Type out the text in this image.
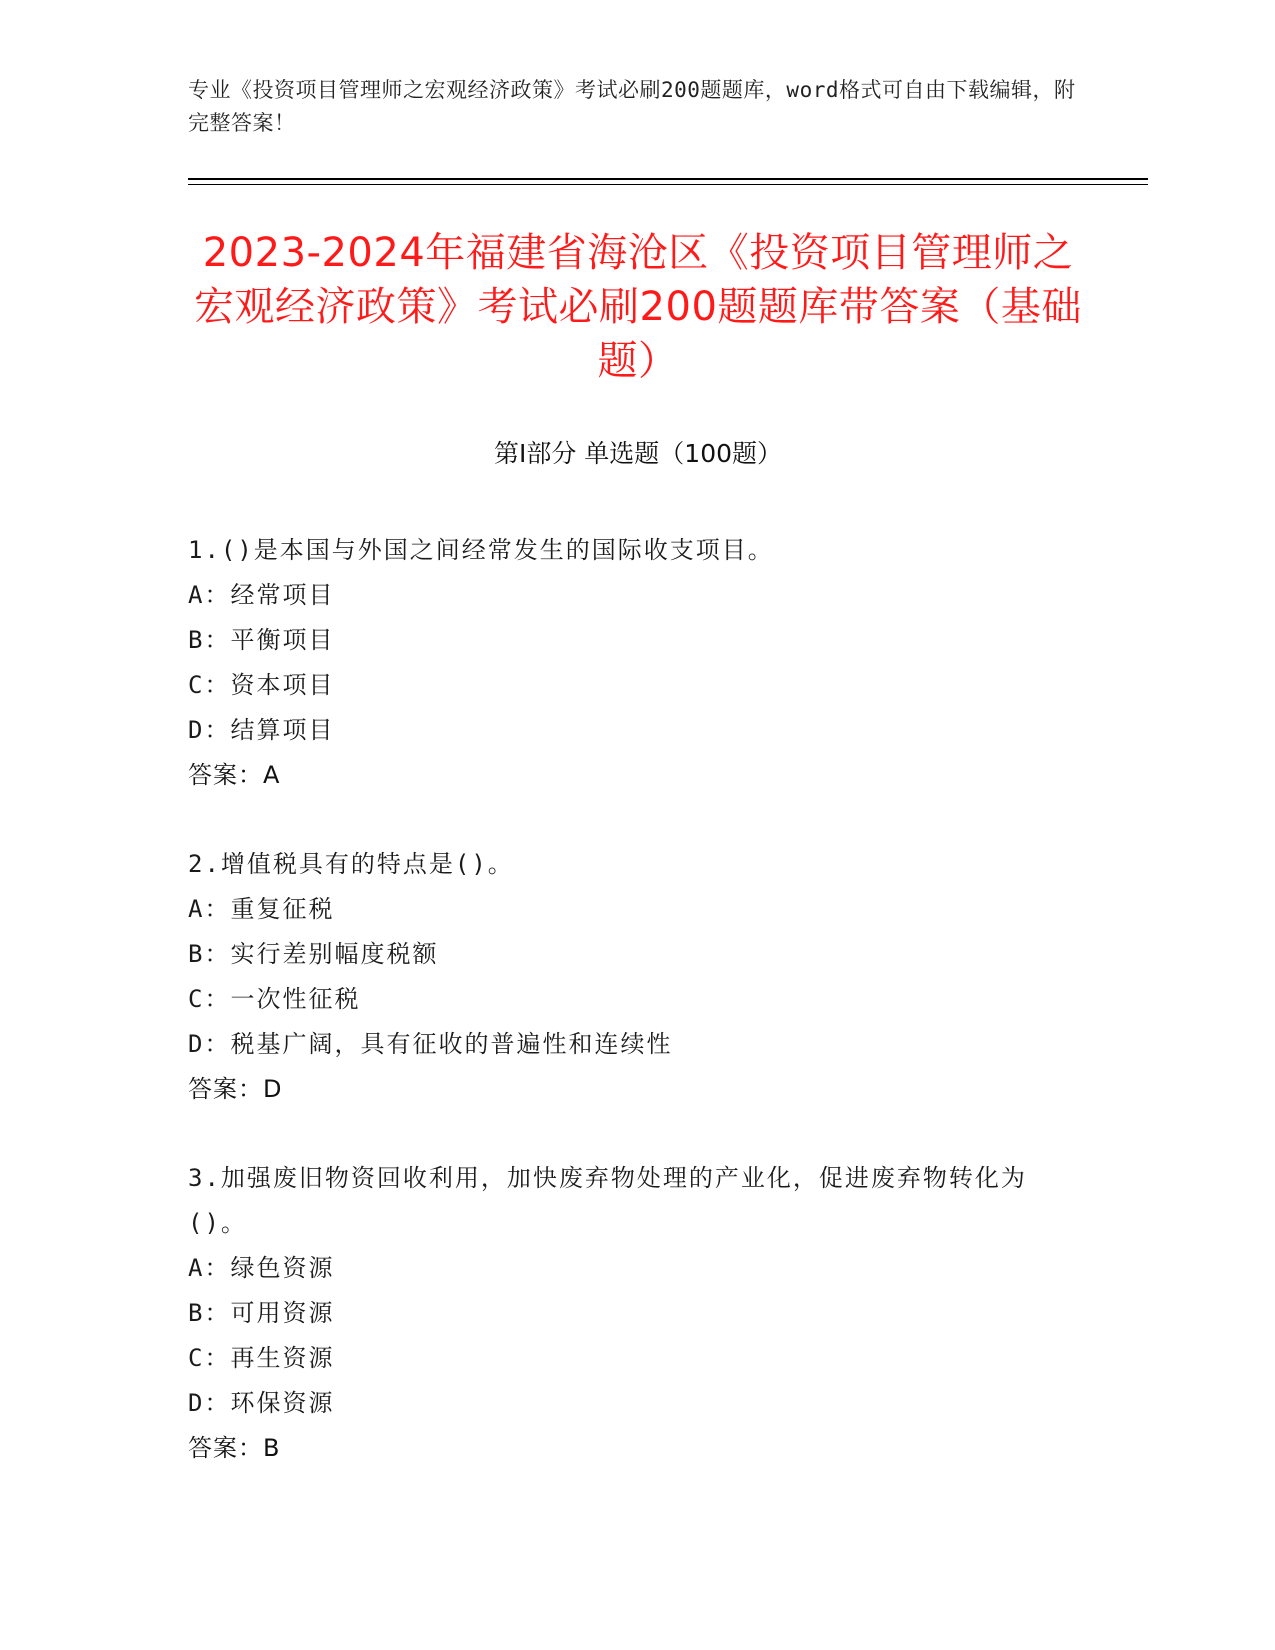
专业《投资项目管理师之宏观经济政策》考试必刷200题题库，word格式可自由下载编辑，附完整答案！
2023-2024年福建省海沧区《投资项目管理师之宏观经济政策》考试必刷200题题库带答案（基础题）
第Ⅰ部分 单选题（100题）
1.()是本国与外国之间经常发生的国际收支项目。
A：经常项目
B：平衡项目
C：资本项目
D：结算项目
答案：A
2.增值税具有的特点是()。
A：重复征税
B：实行差别幅度税额
C：一次性征税
D：税基广阔，具有征收的普遍性和连续性
答案：D
3.加强废旧物资回收利用，加快废弃物处理的产业化，促进废弃物转化为()。
A：绿色资源
B：可用资源
C：再生资源
D：环保资源
答案：B
